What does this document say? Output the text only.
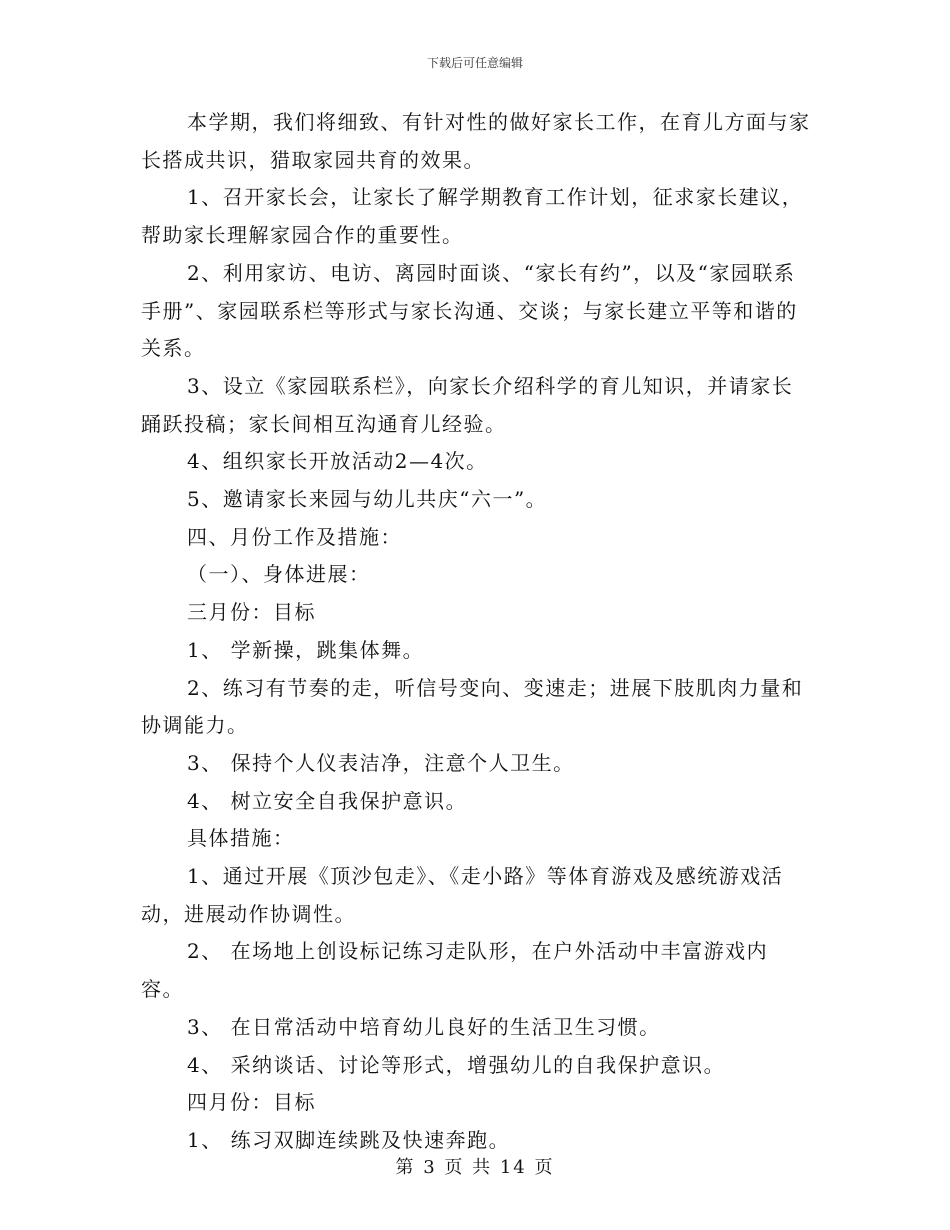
下载后可任意编辑

本学期，我们将细致、有针对性的做好家长工作，在育儿方面与家长搭成共识，猎取家园共育的效果。

1、召开家长会，让家长了解学期教育工作计划，征求家长建议，帮助家长理解家园合作的重要性。

2、利用家访、电访、离园时面谈、“家长有约”，以及“家园联系手册”、家园联系栏等形式与家长沟通、交谈；与家长建立平等和谐的关系。

3、设立《家园联系栏》，向家长介绍科学的育儿知识，并请家长踊跃投稿；家长间相互沟通育儿经验。

4、组织家长开放活动2—4次。

5、邀请家长来园与幼儿共庆“六一”。

四、月份工作及措施：

（一）、身体进展：

三月份：目标

1、 学新操，跳集体舞。

2、练习有节奏的走，听信号变向、变速走；进展下肢肌肉力量和协调能力。

3、 保持个人仪表洁净，注意个人卫生。

4、 树立安全自我保护意识。

具体措施：

1、通过开展《顶沙包走》、《走小路》等体育游戏及感统游戏活动，进展动作协调性。

2、 在场地上创设标记练习走队形，在户外活动中丰富游戏内容。

3、 在日常活动中培育幼儿良好的生活卫生习惯。

4、 采纳谈话、讨论等形式，增强幼儿的自我保护意识。

四月份：目标

1、 练习双脚连续跳及快速奔跑。

第 3 页 共 14 页
